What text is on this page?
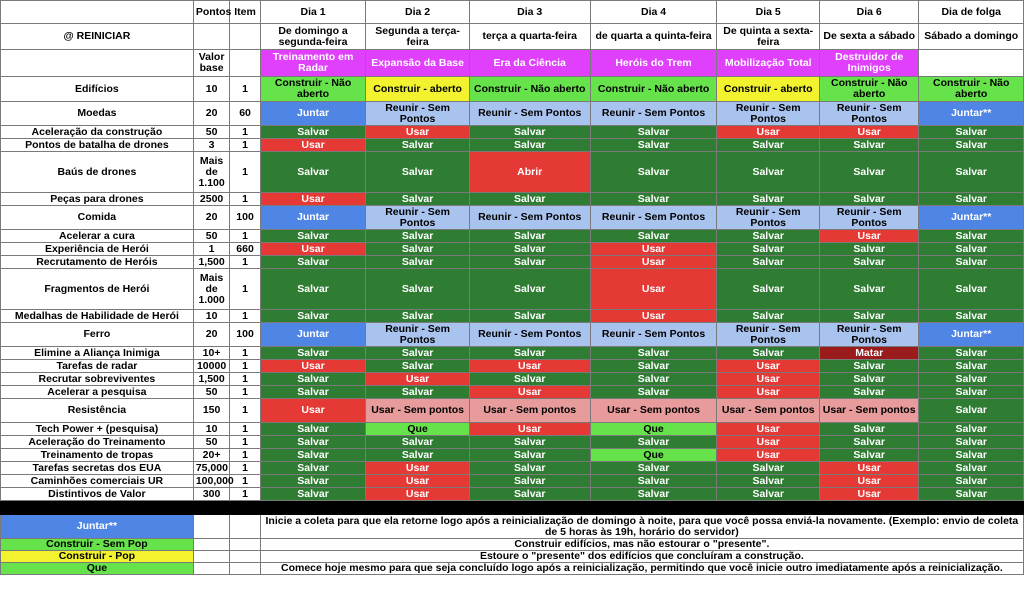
	Pontos	Item	Dia 1	Dia 2	Dia 3	Dia 4	Dia 5	Dia 6	Dia de folga
@ REINICIAR			De domingo a segunda-feira	Segunda a terça-feira	terça a quarta-feira	de quarta a quinta-feira	De quinta a sexta-feira	De sexta a sábado	Sábado a domingo
	Valor base		Treinamento em Radar	Expansão da Base	Era da Ciência	Heróis do Trem	Mobilização Total	Destruidor de Inimigos	
Edifícios	10	1	Construir - Não aberto	Construir - aberto	Construir - Não aberto	Construir - Não aberto	Construir - aberto	Construir - Não aberto	Construir - Não aberto
Moedas	20	60	Juntar	Reunir - Sem Pontos	Reunir - Sem Pontos	Reunir - Sem Pontos	Reunir - Sem Pontos	Reunir - Sem Pontos	Juntar**
Aceleração da construção	50	1	Salvar	Usar	Salvar	Salvar	Usar	Usar	Salvar
Pontos de batalha de drones	3	1	Usar	Salvar	Salvar	Salvar	Salvar	Salvar	Salvar
Baús de drones	Mais de 1.100	1	Salvar	Salvar	Abrir	Salvar	Salvar	Salvar	Salvar
Peças para drones	2500	1	Usar	Salvar	Salvar	Salvar	Salvar	Salvar	Salvar
Comida	20	100	Juntar	Reunir - Sem Pontos	Reunir - Sem Pontos	Reunir - Sem Pontos	Reunir - Sem Pontos	Reunir - Sem Pontos	Juntar**
Acelerar a cura	50	1	Salvar	Salvar	Salvar	Salvar	Salvar	Usar	Salvar
Experiência de Herói	1	660	Usar	Salvar	Salvar	Usar	Salvar	Salvar	Salvar
Recrutamento de Heróis	1,500	1	Salvar	Salvar	Salvar	Usar	Salvar	Salvar	Salvar
Fragmentos de Herói	Mais de 1.000	1	Salvar	Salvar	Salvar	Usar	Salvar	Salvar	Salvar
Medalhas de Habilidade de Herói	10	1	Salvar	Salvar	Salvar	Usar	Salvar	Salvar	Salvar
Ferro	20	100	Juntar	Reunir - Sem Pontos	Reunir - Sem Pontos	Reunir - Sem Pontos	Reunir - Sem Pontos	Reunir - Sem Pontos	Juntar**
Elimine a Aliança Inimiga	10+	1	Salvar	Salvar	Salvar	Salvar	Salvar	Matar	Salvar
Tarefas de radar	10000	1	Usar	Salvar	Usar	Salvar	Usar	Salvar	Salvar
Recrutar sobreviventes	1,500	1	Salvar	Usar	Salvar	Salvar	Usar	Salvar	Salvar
Acelerar a pesquisa	50	1	Salvar	Salvar	Usar	Salvar	Usar	Salvar	Salvar
Resistência	150	1	Usar	Usar - Sem pontos	Usar - Sem pontos	Usar - Sem pontos	Usar - Sem pontos	Usar - Sem pontos	Salvar
Tech Power + (pesquisa)	10	1	Salvar	Que	Usar	Que	Usar	Salvar	Salvar
Aceleração do Treinamento	50	1	Salvar	Salvar	Salvar	Salvar	Usar	Salvar	Salvar
Treinamento de tropas	20+	1	Salvar	Salvar	Salvar	Que	Usar	Salvar	Salvar
Tarefas secretas dos EUA	75,000	1	Salvar	Usar	Salvar	Salvar	Salvar	Usar	Salvar
Caminhões comerciais UR	100,000	1	Salvar	Usar	Salvar	Salvar	Salvar	Usar	Salvar
Distintivos de Valor	300	1	Salvar	Usar	Salvar	Salvar	Salvar	Usar	Salvar

Juntar**			Inicie a coleta para que ela retorne logo após a reinicialização de domingo à noite, para que você possa enviá-la novamente. (Exemplo: envio de coleta de 5 horas às 19h, horário do servidor)						
Construir - Sem Pop			Construir edifícios, mas não estourar o "presente".						
Construir - Pop			Estoure o "presente" dos edifícios que concluíram a construção.						
Que			Comece hoje mesmo para que seja concluído logo após a reinicialização, permitindo que você inicie outro imediatamente após a reinicialização.						
